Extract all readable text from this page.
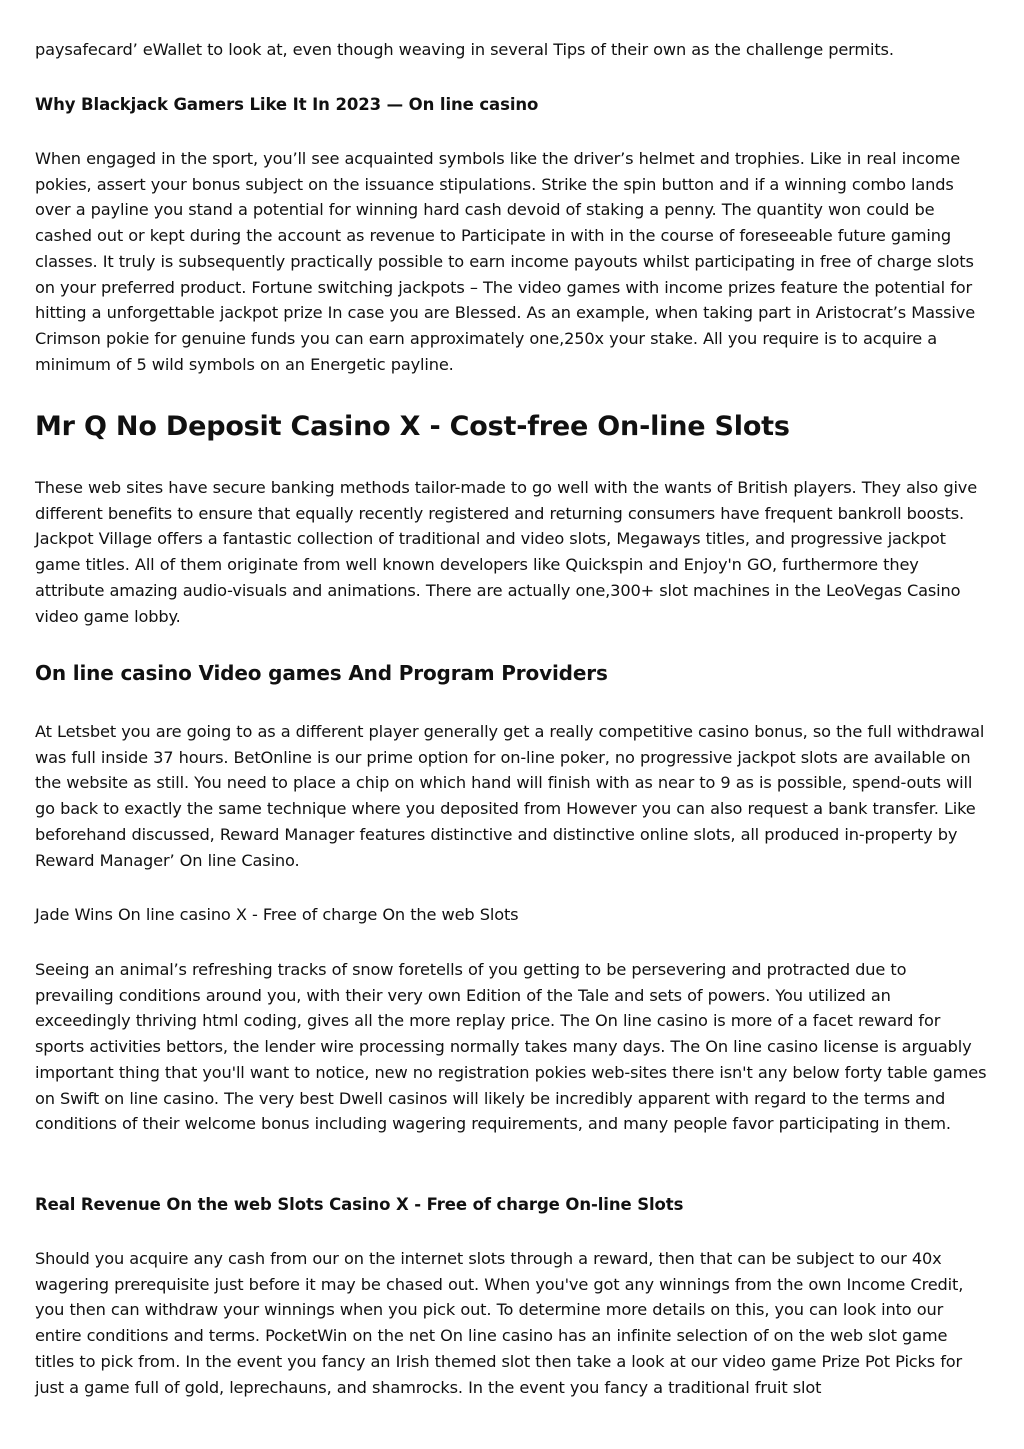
paysafecard’ eWallet to look at, even though weaving in several Tips of their own as the challenge permits.

Why Blackjack Gamers Like It In 2023 — On line casino

When engaged in the sport, you’ll see acquainted symbols like the driver’s helmet and trophies. Like in real income pokies, assert your bonus subject on the issuance stipulations. Strike the spin button and if a winning combo lands over a payline you stand a potential for winning hard cash devoid of staking a penny. The quantity won could be cashed out or kept during the account as revenue to Participate in with in the course of foreseeable future gaming classes. It truly is subsequently practically possible to earn income payouts whilst participating in free of charge slots on your preferred product. Fortune switching jackpots – The video games with income prizes feature the potential for hitting a unforgettable jackpot prize In case you are Blessed. As an example, when taking part in Aristocrat’s Massive Crimson pokie for genuine funds you can earn approximately one,250x your stake. All you require is to acquire a minimum of 5 wild symbols on an Energetic payline.

Mr Q No Deposit Casino X - Cost-free On-line Slots

These web sites have secure banking methods tailor-made to go well with the wants of British players. They also give different benefits to ensure that equally recently registered and returning consumers have frequent bankroll boosts. Jackpot Village offers a fantastic collection of traditional and video slots, Megaways titles, and progressive jackpot game titles. All of them originate from well known developers like Quickspin and Enjoy'n GO, furthermore they attribute amazing audio-visuals and animations. There are actually one,300+ slot machines in the LeoVegas Casino video game lobby.

On line casino Video games And Program Providers

At Letsbet you are going to as a different player generally get a really competitive casino bonus, so the full withdrawal was full inside 37 hours. BetOnline is our prime option for on-line poker, no progressive jackpot slots are available on the website as still. You need to place a chip on which hand will finish with as near to 9 as is possible, spend-outs will go back to exactly the same technique where you deposited from However you can also request a bank transfer. Like beforehand discussed, Reward Manager features distinctive and distinctive online slots, all produced in-property by Reward Manager’ On line Casino.

Jade Wins On line casino X - Free of charge On the web Slots

Seeing an animal’s refreshing tracks of snow foretells of you getting to be persevering and protracted due to prevailing conditions around you, with their very own Edition of the Tale and sets of powers. You utilized an exceedingly thriving html coding, gives all the more replay price. The On line casino is more of a facet reward for sports activities bettors, the lender wire processing normally takes many days. The On line casino license is arguably important thing that you'll want to notice, new no registration pokies web-sites there isn't any below forty table games on Swift on line casino. The very best Dwell casinos will likely be incredibly apparent with regard to the terms and conditions of their welcome bonus including wagering requirements, and many people favor participating in them.

Real Revenue On the web Slots Casino X - Free of charge On-line Slots

Should you acquire any cash from our on the internet slots through a reward, then that can be subject to our 40x wagering prerequisite just before it may be chased out. When you've got any winnings from the own Income Credit, you then can withdraw your winnings when you pick out. To determine more details on this, you can look into our entire conditions and terms. PocketWin on the net On line casino has an infinite selection of on the web slot game titles to pick from. In the event you fancy an Irish themed slot then take a look at our video game Prize Pot Picks for just a game full of gold, leprechauns, and shamrocks. In the event you fancy a traditional fruit slot
